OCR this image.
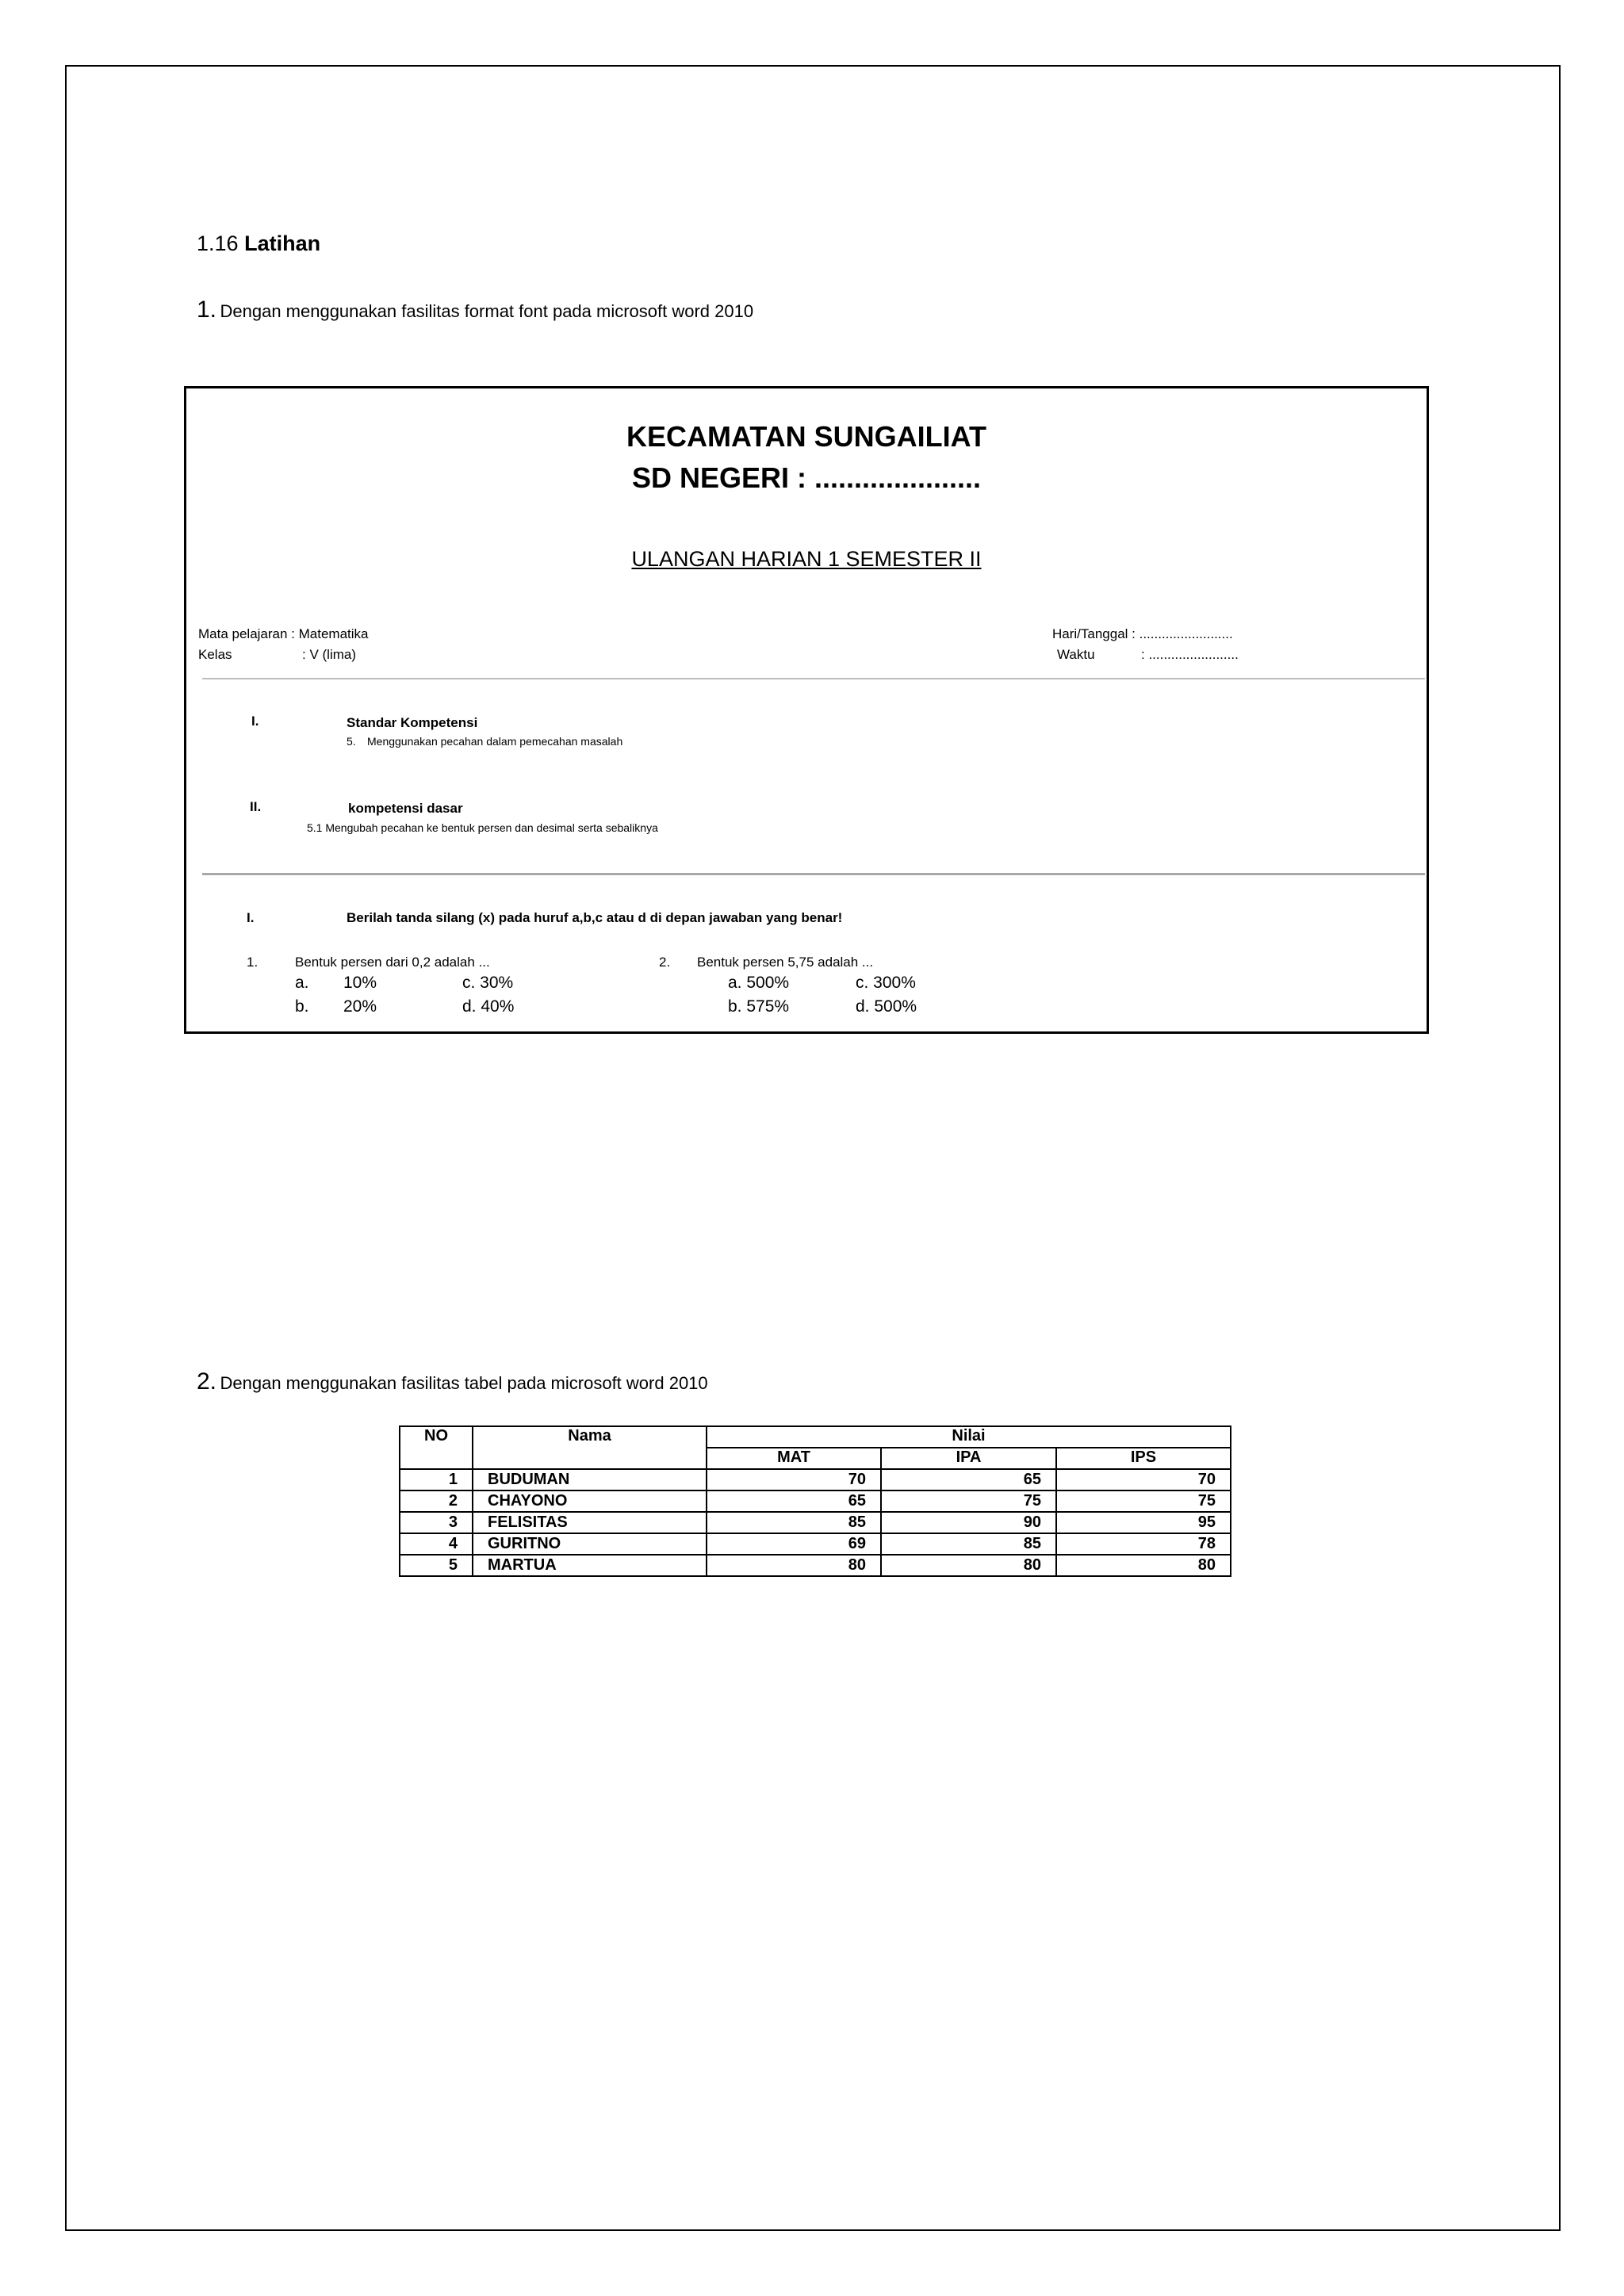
1.16 Latihan
1. Dengan menggunakan fasilitas format font pada microsoft word 2010
KECAMATAN SUNGAILIAT
SD NEGERI : .....................
ULANGAN HARIAN 1 SEMESTER II
Mata pelajaran : Matematika
Kelas	: V (lima)
Hari/Tanggal : .........................
Waktu	: ........................
I.	Standar Kompetensi
5. Menggunakan pecahan dalam pemecahan masalah
II.	kompetensi dasar
5.1 Mengubah pecahan ke bentuk persen dan desimal serta sebaliknya
I.	Berilah tanda silang (x) pada huruf a,b,c atau d di depan jawaban yang benar!
1.	Bentuk persen dari 0,2 adalah ...
a. 10%	c. 30%
b. 20%	d. 40%
2. Bentuk persen 5,75 adalah ...
a. 500%	c. 300%
b. 575%	d. 500%
2. Dengan menggunakan fasilitas tabel pada microsoft word 2010
NO	Nama	Nilai		
		MAT	IPA	IPS
1	BUDUMAN	70	65	70
2	CHAYONO	65	75	75
3	FELISITAS	85	90	95
4	GURITNO	69	85	78
5	MARTUA	80	80	80
